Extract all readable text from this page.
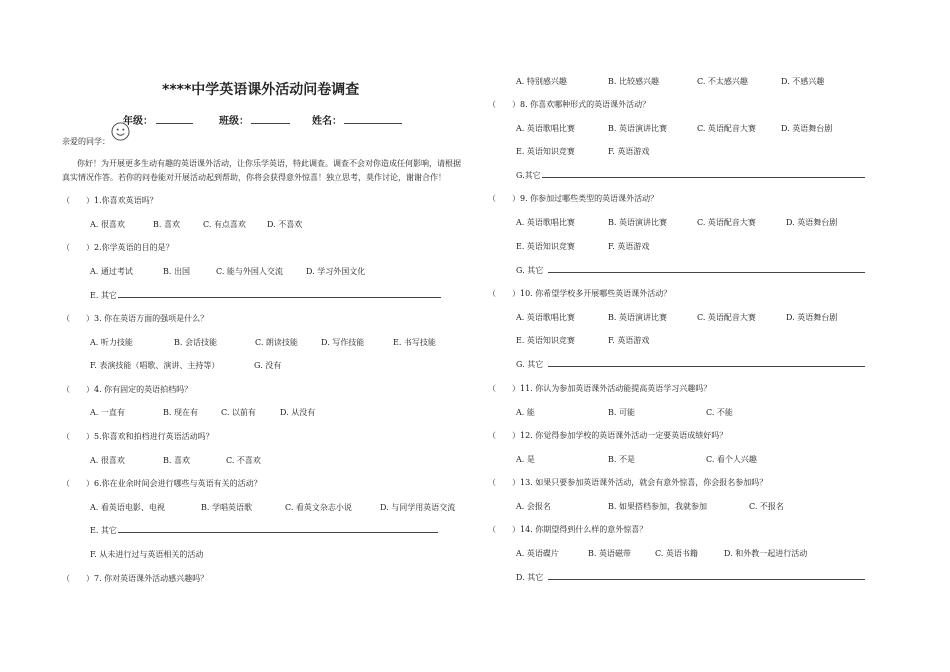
****中学英语课外活动问卷调查
年级：	班级：	姓名：
亲爱的同学：
你好！为开展更多生动有趣的英语课外活动，让你乐学英语，特此调查。调查不会对你造成任何影响，请根据
真实情况作答。若你的问卷能对开展活动起到帮助，你将会获得意外惊喜！独立思考，莫作讨论，谢谢合作！
（　　）1.你喜欢英语吗？
A. 很喜欢	B. 喜欢	C. 有点喜欢	D. 不喜欢
（　　）2.你学英语的目的是？
A. 通过考试	B. 出国	C. 能与外国人交流	D. 学习外国文化
E. 其它
（　　）3. 你在英语方面的强项是什么？
A. 听力技能	B. 会话技能	C. 朗读技能	D. 写作技能	E. 书写技能
F. 表演技能（唱歌、演讲、主持等）	G. 没有
（　　）4. 你有固定的英语拍档吗？
A. 一直有	B. 现在有	C. 以前有	D. 从没有
（　　）5.你喜欢和拍档进行英语活动吗？
A. 很喜欢	B. 喜欢	C. 不喜欢
（　　）6.你在业余时间会进行哪些与英语有关的活动？
A. 看英语电影、电视	B. 学唱英语歌	C. 看英文杂志小说	D. 与同学用英语交流
E. 其它
F. 从未进行过与英语相关的活动
（　　）7. 你对英语课外活动感兴趣吗？
A. 特别感兴趣	B. 比较感兴趣	C. 不太感兴趣	D. 不感兴趣
（　　）8. 你喜欢哪种形式的英语课外活动？
A. 英语歌唱比赛	B. 英语演讲比赛	C. 英语配音大赛	D. 英语舞台剧
E. 英语知识竞赛	F. 英语游戏
G.其它
（　　）9. 你参加过哪些类型的英语课外活动？
A. 英语歌唱比赛	B. 英语演讲比赛	C. 英语配音大赛	D. 英语舞台剧
E. 英语知识竞赛	F. 英语游戏
G. 其它
（　　）10. 你希望学校多开展哪些英语课外活动？
A. 英语歌唱比赛	B. 英语演讲比赛	C. 英语配音大赛	D. 英语舞台剧
E. 英语知识竞赛	F. 英语游戏
G. 其它
（　　）11. 你认为参加英语课外活动能提高英语学习兴趣吗？
A. 能	B. 可能	C. 不能
（　　）12. 你觉得参加学校的英语课外活动一定要英语成绩好吗？
A. 是	B. 不是	C. 看个人兴趣
（　　）13. 如果只要参加英语课外活动，就会有意外惊喜，你会报名参加吗？
A. 会报名	B. 如果搭档参加，我就参加	C. 不报名
（　　）14. 你期望得到什么样的意外惊喜？
A. 英语碟片	B. 英语磁带	C. 英语书籍	D. 和外教一起进行活动
D. 其它
